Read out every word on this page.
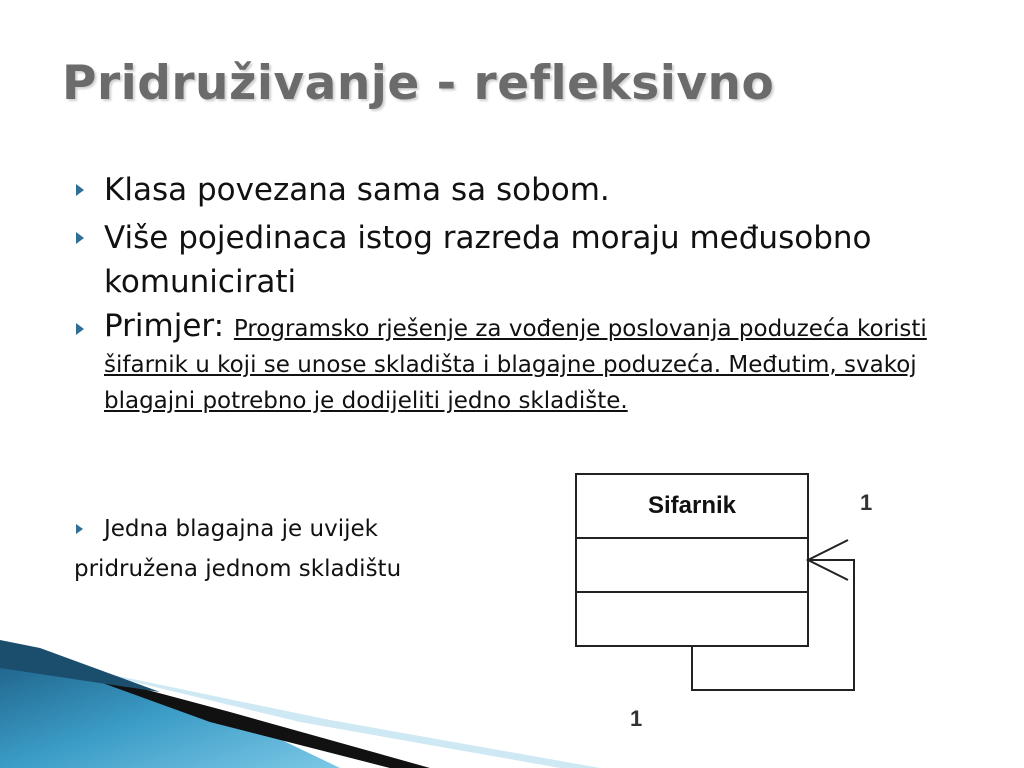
Pridruživanje - refleksivno
Klasa povezana sama sa sobom.
Više pojedinaca istog razreda moraju međusobno komunicirati
Primjer: Programsko rješenje za vođenje poslovanja poduzeća koristi šifarnik u koji se unose skladišta i blagajne poduzeća. Međutim, svakoj blagajni potrebno je dodijeliti jedno skladište.
Jedna blagajna je uvijek
pridružena jednom skladištu
Sifarnik	1
1
